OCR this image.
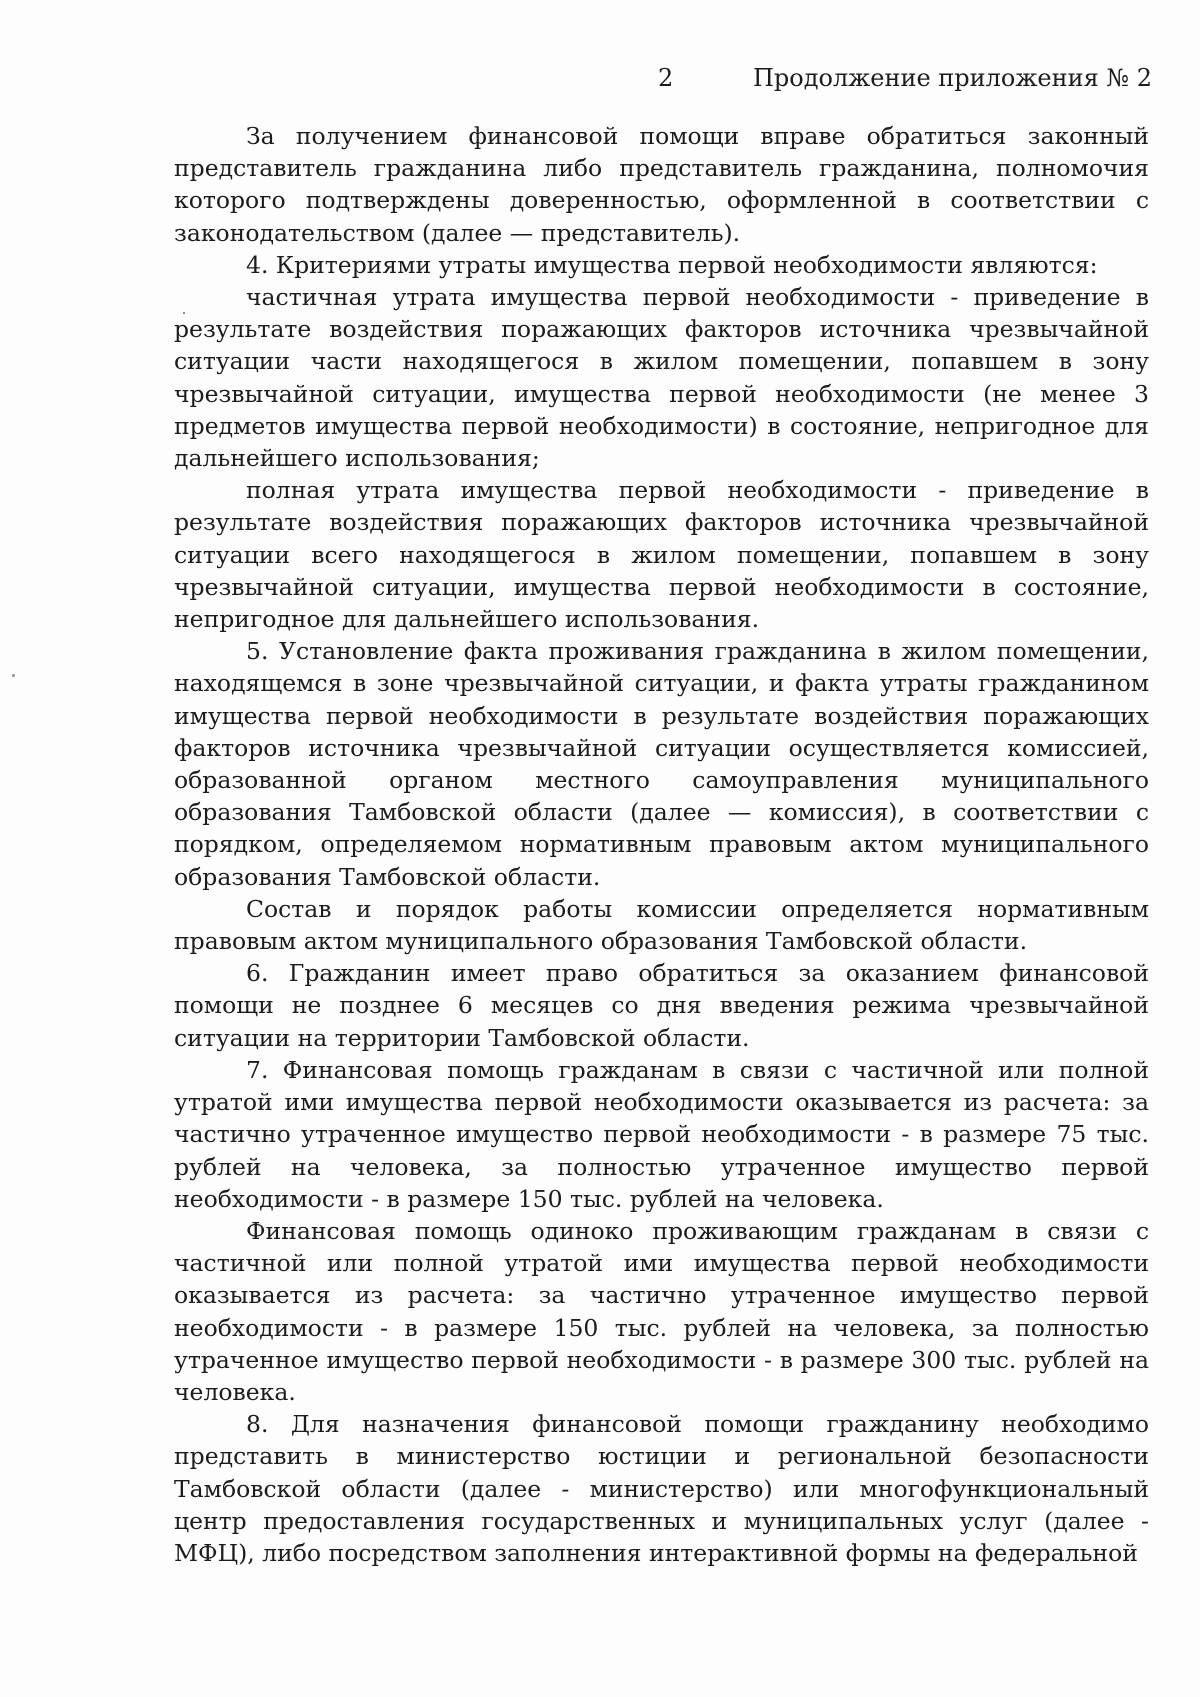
2	Продолжение приложения № 2

За получением финансовой помощи вправе обратиться законный представитель гражданина либо представитель гражданина, полномочия которого подтверждены доверенностью, оформленной в соответствии с законодательством (далее — представитель).

4. Критериями утраты имущества первой необходимости являются:

частичная утрата имущества первой необходимости - приведение в результате воздействия поражающих факторов источника чрезвычайной ситуации части находящегося в жилом помещении, попавшем в зону чрезвычайной ситуации, имущества первой необходимости (не менее 3 предметов имущества первой необходимости) в состояние, непригодное для дальнейшего использования;

полная утрата имущества первой необходимости - приведение в результате воздействия поражающих факторов источника чрезвычайной ситуации всего находящегося в жилом помещении, попавшем в зону чрезвычайной ситуации, имущества первой необходимости в состояние, непригодное для дальнейшего использования.

5. Установление факта проживания гражданина в жилом помещении, находящемся в зоне чрезвычайной ситуации, и факта утраты гражданином имущества первой необходимости в результате воздействия поражающих факторов источника чрезвычайной ситуации осуществляется комиссией, образованной органом местного самоуправления муниципального образования Тамбовской области (далее — комиссия), в соответствии с порядком, определяемом нормативным правовым актом муниципального образования Тамбовской области.

Состав и порядок работы комиссии определяется нормативным правовым актом муниципального образования Тамбовской области.

6. Гражданин имеет право обратиться за оказанием финансовой помощи не позднее 6 месяцев со дня введения режима чрезвычайной ситуации на территории Тамбовской области.

7. Финансовая помощь гражданам в связи с частичной или полной утратой ими имущества первой необходимости оказывается из расчета: за частично утраченное имущество первой необходимости - в размере 75 тыс. рублей на человека, за полностью утраченное имущество первой необходимости - в размере 150 тыс. рублей на человека.

Финансовая помощь одиноко проживающим гражданам в связи с частичной или полной утратой ими имущества первой необходимости оказывается из расчета: за частично утраченное имущество первой необходимости - в размере 150 тыс. рублей на человека, за полностью утраченное имущество первой необходимости - в размере 300 тыс. рублей на человека.

8. Для назначения финансовой помощи гражданину необходимо представить в министерство юстиции и региональной безопасности Тамбовской области (далее - министерство) или многофункциональный центр предоставления государственных и муниципальных услуг (далее - МФЦ), либо посредством заполнения интерактивной формы на федеральной
